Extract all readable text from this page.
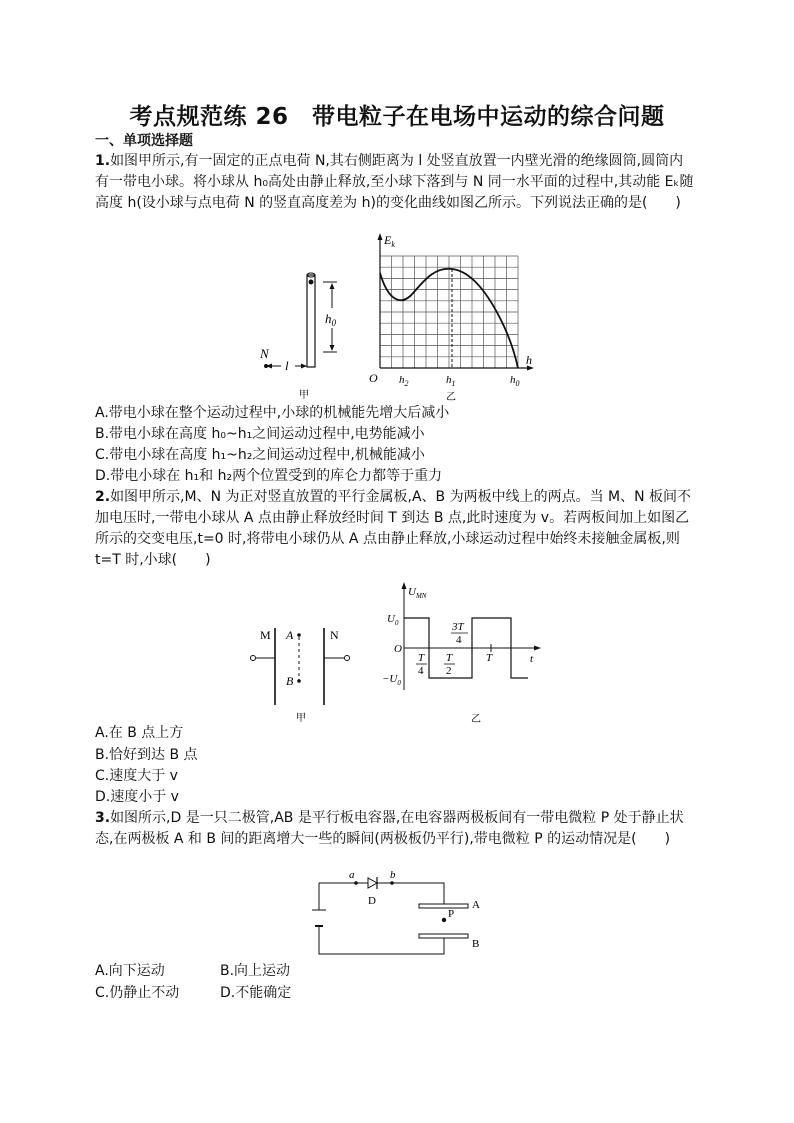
考点规范练 26　带电粒子在电场中运动的综合问题
一、单项选择题
1.如图甲所示,有一固定的正点电荷 N,其右侧距离为 l 处竖直放置一内壁光滑的绝缘圆筒,圆筒内有一带电小球。将小球从 h₀高处由静止释放,至小球下落到与 N 同一水平面的过程中,其动能 Eₖ随高度 h(设小球与点电荷 N 的竖直高度差为 h)的变化曲线如图乙所示。下列说法正确的是(　　)
$h_0$
N
l
甲
$E_k$
h
O $h_2$	$h_1$	$h_0$
乙
A.带电小球在整个运动过程中,小球的机械能先增大后减小
B.带电小球在高度 h₀~h₁之间运动过程中,电势能减小
C.带电小球在高度 h₁~h₂之间运动过程中,机械能减小
D.带电小球在 h₁和 h₂两个位置受到的库仑力都等于重力
2.如图甲所示,M、N 为正对竖直放置的平行金属板,A、B 为两板中线上的两点。当 M、N 板间不加电压时,一带电小球从 A 点由静止释放经时间 T 到达 B 点,此时速度为 v。若两板间加上如图乙所示的交变电压,t=0 时,将带电小球仍从 A 点由静止释放,小球运动过程中始终未接触金属板,则 t=T 时,小球(　　)
M	N
A
B
甲
$U_{MN}$
$U_0$
$-U_0$
O
t
T
4
T
2
3T
4
T
乙
A.在 B 点上方
B.恰好到达 B 点
C.速度大于 v
D.速度小于 v
3.如图所示,D 是一只二极管,AB 是平行板电容器,在电容器两极板间有一带电微粒 P 处于静止状态,在两极板 A 和 B 间的距离增大一些的瞬间(两极板仍平行),带电微粒 P 的运动情况是(　　)
a	b
D
P
A
B
A.向下运动	B.向上运动
C.仍静止不动	D.不能确定
